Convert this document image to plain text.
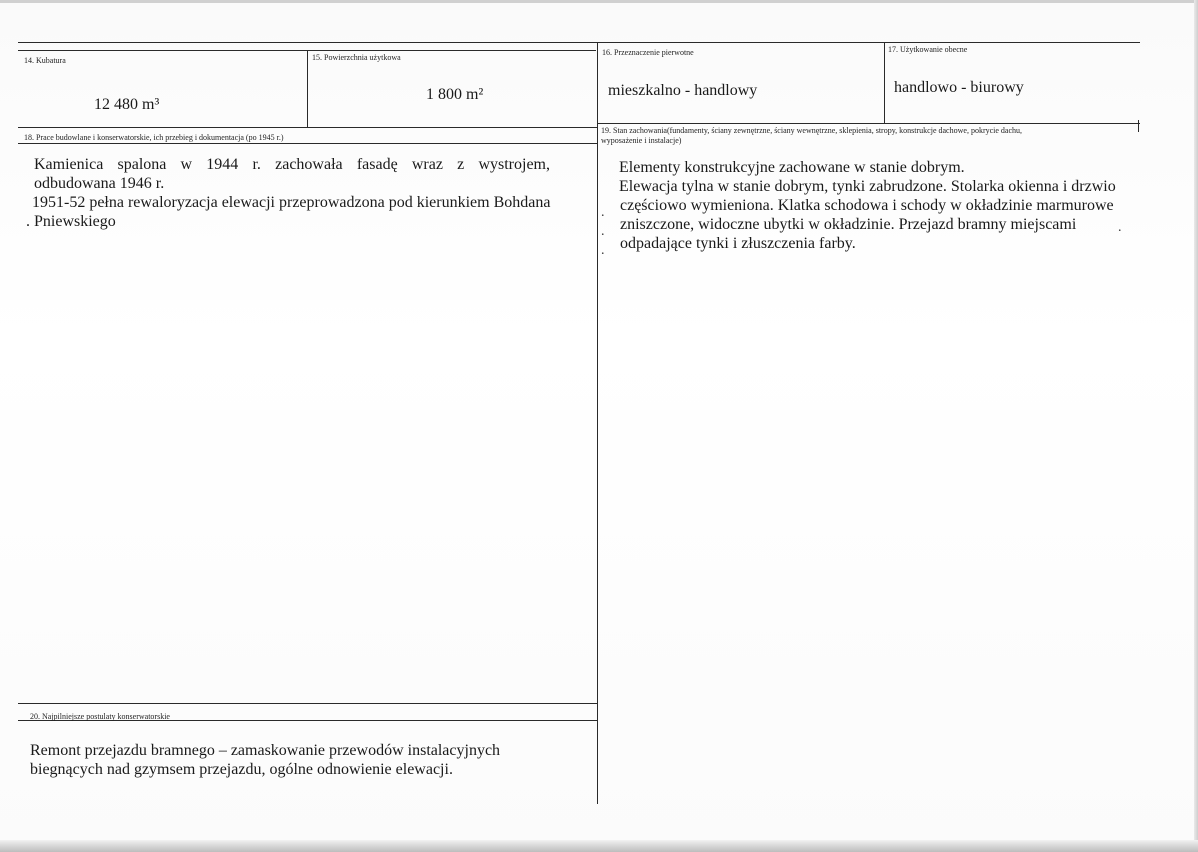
14. Kubatura
12 480 m³
15. Powierzchnia użytkowa
1 800 m²
16. Przeznaczenie pierwotne
mieszkalno - handlowy
17. Użytkowanie obecne
handlowo - biurowy
18. Prace budowlane i konserwatorskie, ich przebieg i dokumentacja (po 1945 r.)
Kamienica spalona w 1944 r. zachowała fasadę wraz z wystrojem,
odbudowana 1946 r.
1951-52 pełna rewaloryzacja elewacji przeprowadzona pod kierunkiem Bohdana
. Pniewskiego
19. Stan zachowania(fundamenty, ściany zewnętrzne, ściany wewnętrzne, sklepienia, stropy, konstrukcje dachowe, pokrycie dachu,
wyposażenie i instalacje)
Elementy konstrukcyjne zachowane w stanie dobrym.
Elewacja tylna w stanie dobrym, tynki zabrudzone. Stolarka okienna i drzwio
częściowo wymieniona. Klatka schodowa i schody w okładzinie marmurowe
zniszczone, widoczne ubytki w okładzinie. Przejazd bramny miejscami
odpadające tynki i złuszczenia farby.
.
.
.
.
20. Najpilniejsze postulaty konserwatorskie
Remont przejazdu bramnego – zamaskowanie przewodów instalacyjnych
biegnących nad gzymsem przejazdu, ogólne odnowienie elewacji.
